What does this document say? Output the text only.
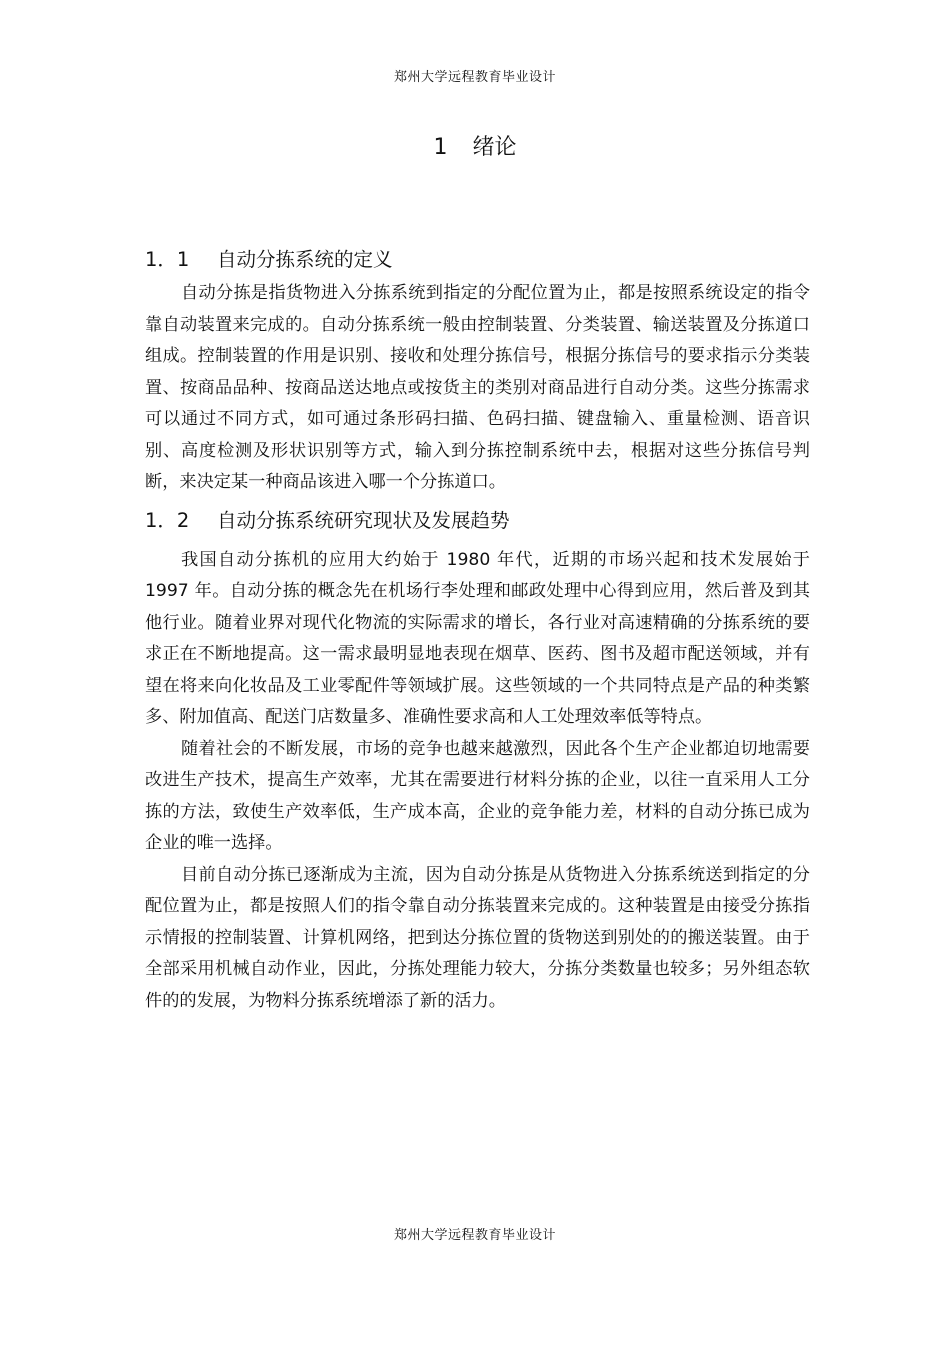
郑州大学远程教育毕业设计
1 绪论
1．1 自动分拣系统的定义

自动分拣是指货物进入分拣系统到指定的分配位置为止，都是按照系统设定的指令靠自动装置来完成的。自动分拣系统一般由控制装置、分类装置、输送装置及分拣道口组成。控制装置的作用是识别、接收和处理分拣信号，根据分拣信号的要求指示分类装置、按商品品种、按商品送达地点或按货主的类别对商品进行自动分类。这些分拣需求可以通过不同方式，如可通过条形码扫描、色码扫描、键盘输入、重量检测、语音识别、高度检测及形状识别等方式，输入到分拣控制系统中去，根据对这些分拣信号判断，来决定某一种商品该进入哪一个分拣道口。

1．2 自动分拣系统研究现状及发展趋势

我国自动分拣机的应用大约始于 1980 年代，近期的市场兴起和技术发展始于 1997 年。自动分拣的概念先在机场行李处理和邮政处理中心得到应用，然后普及到其他行业。随着业界对现代化物流的实际需求的增长，各行业对高速精确的分拣系统的要求正在不断地提高。这一需求最明显地表现在烟草、医药、图书及超市配送领域，并有望在将来向化妆品及工业零配件等领域扩展。这些领域的一个共同特点是产品的种类繁多、附加值高、配送门店数量多、准确性要求高和人工处理效率低等特点。

随着社会的不断发展，市场的竞争也越来越激烈，因此各个生产企业都迫切地需要改进生产技术，提高生产效率，尤其在需要进行材料分拣的企业，以往一直采用人工分拣的方法，致使生产效率低，生产成本高，企业的竞争能力差，材料的自动分拣已成为企业的唯一选择。

目前自动分拣已逐渐成为主流，因为自动分拣是从货物进入分拣系统送到指定的分配位置为止，都是按照人们的指令靠自动分拣装置来完成的。这种装置是由接受分拣指示情报的控制装置、计算机网络，把到达分拣位置的货物送到别处的的搬送装置。由于全部采用机械自动作业，因此，分拣处理能力较大，分拣分类数量也较多；另外组态软件的的发展，为物料分拣系统增添了新的活力。

郑州大学远程教育毕业设计
